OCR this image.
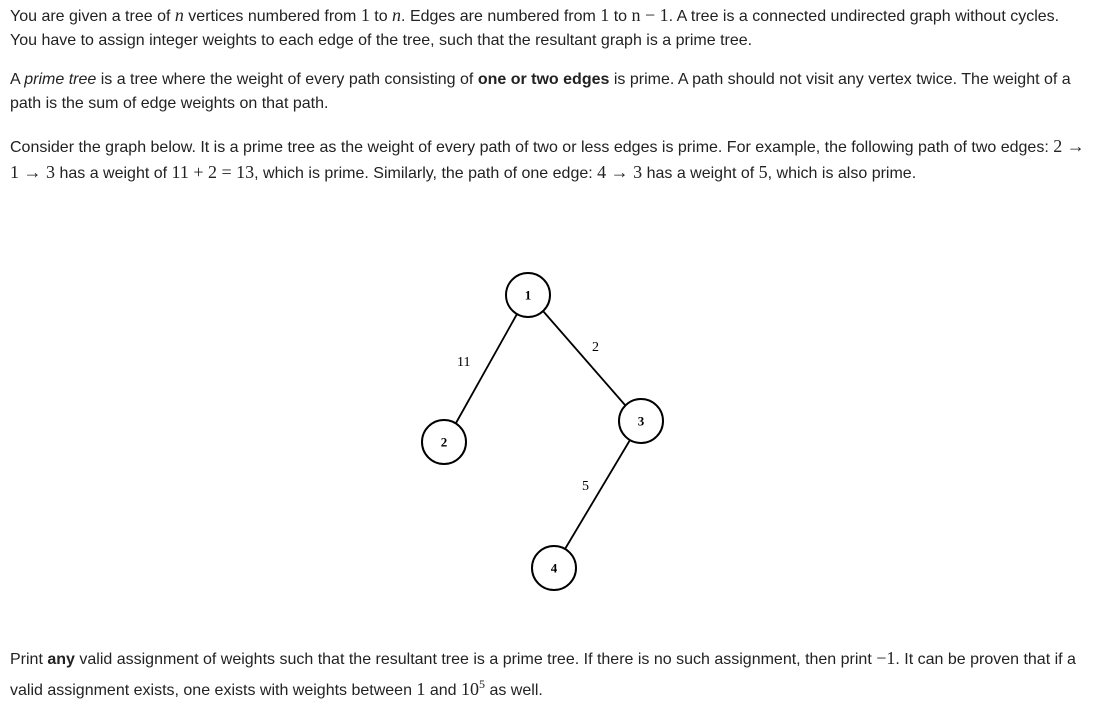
You are given a tree of n vertices numbered from 1 to n. Edges are numbered from 1 to n − 1. A tree is a connected undirected graph without cycles. You have to assign integer weights to each edge of the tree, such that the resultant graph is a prime tree.

A prime tree is a tree where the weight of every path consisting of one or two edges is prime. A path should not visit any vertex twice. The weight of a path is the sum of edge weights on that path.

Consider the graph below. It is a prime tree as the weight of every path of two or less edges is prime. For example, the following path of two edges: 2 → 1 → 3 has a weight of 11 + 2 = 13, which is prime. Similarly, the path of one edge: 4 → 3 has a weight of 5, which is also prime.

11
2
5
1
2
3
4

Print any valid assignment of weights such that the resultant tree is a prime tree. If there is no such assignment, then print −1. It can be proven that if a valid assignment exists, one exists with weights between 1 and $10^5$ as well.
